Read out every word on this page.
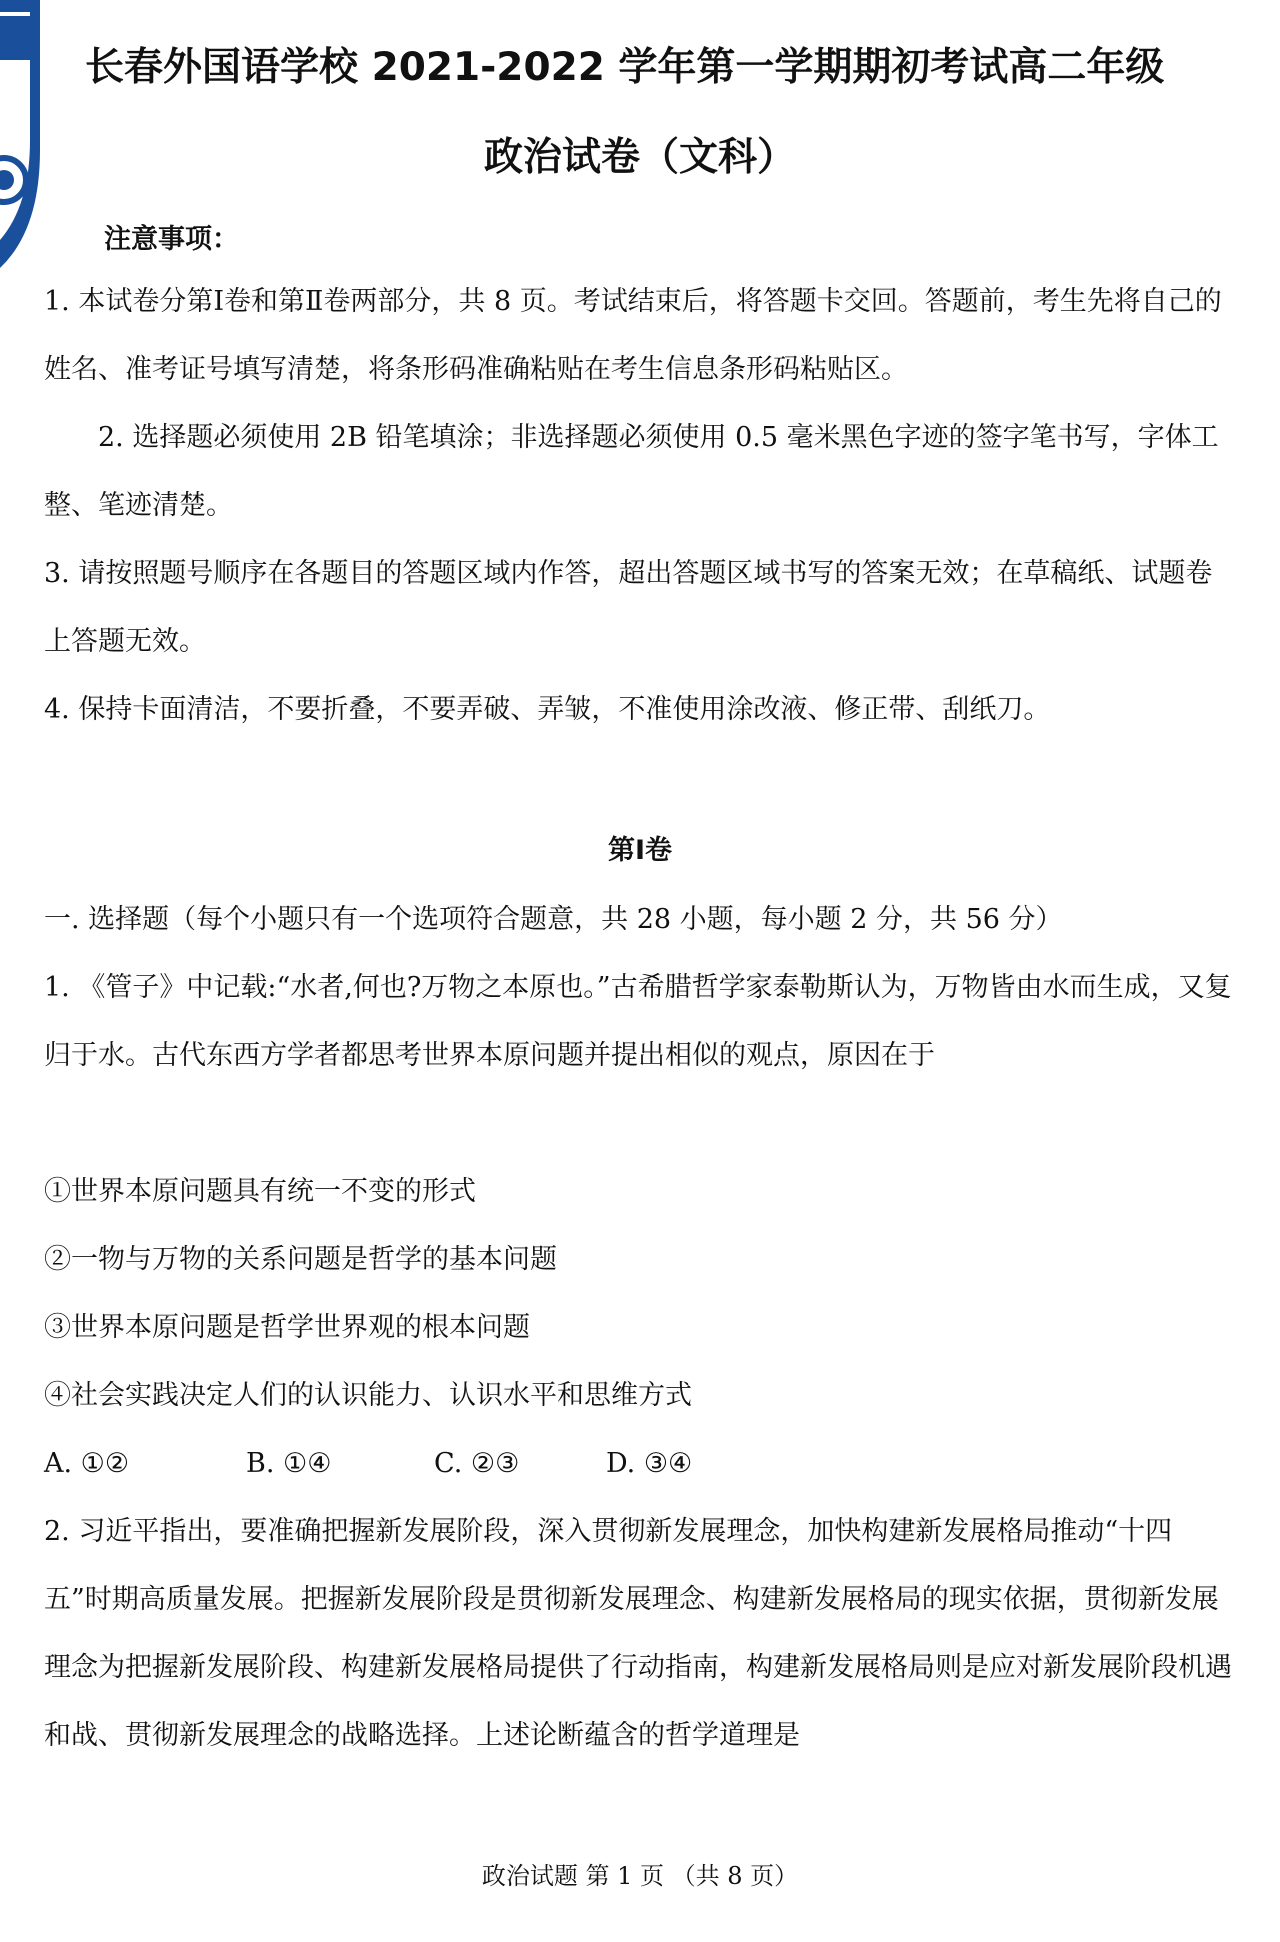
长春外国语学校 2021-2022 学年第一学期期初考试高二年级
政治试卷（文科）
注意事项：

1. 本试卷分第Ⅰ卷和第Ⅱ卷两部分，共 8 页。考试结束后，将答题卡交回。答题前，考生先将自己的姓名、准考证号填写清楚，将条形码准确粘贴在考生信息条形码粘贴区。

2. 选择题必须使用 2B 铅笔填涂；非选择题必须使用 0.5 毫米黑色字迹的签字笔书写，字体工整、笔迹清楚。

3. 请按照题号顺序在各题目的答题区域内作答，超出答题区域书写的答案无效；在草稿纸、试题卷上答题无效。

4. 保持卡面清洁，不要折叠，不要弄破、弄皱，不准使用涂改液、修正带、刮纸刀。

第Ⅰ卷
一. 选择题（每个小题只有一个选项符合题意，共 28 小题，每小题 2 分，共 56 分）

1. 《管子》中记载:“水者,何也?万物之本原也。”古希腊哲学家泰勒斯认为，万物皆由水而生成，又复归于水。古代东西方学者都思考世界本原问题并提出相似的观点，原因在于

①世界本原问题具有统一不变的形式
②一物与万物的关系问题是哲学的基本问题
③世界本原问题是哲学世界观的根本问题
④社会实践决定人们的认识能力、认识水平和思维方式
A. ①②	B. ①④	C. ②③	D. ③④

2. 习近平指出，要准确把握新发展阶段，深入贯彻新发展理念，加快构建新发展格局推动“十四五”时期高质量发展。把握新发展阶段是贯彻新发展理念、构建新发展格局的现实依据，贯彻新发展理念为把握新发展阶段、构建新发展格局提供了行动指南，构建新发展格局则是应对新发展阶段机遇和战、贯彻新发展理念的战略选择。上述论断蕴含的哲学道理是

政治试题 第 1 页 （共 8 页）
